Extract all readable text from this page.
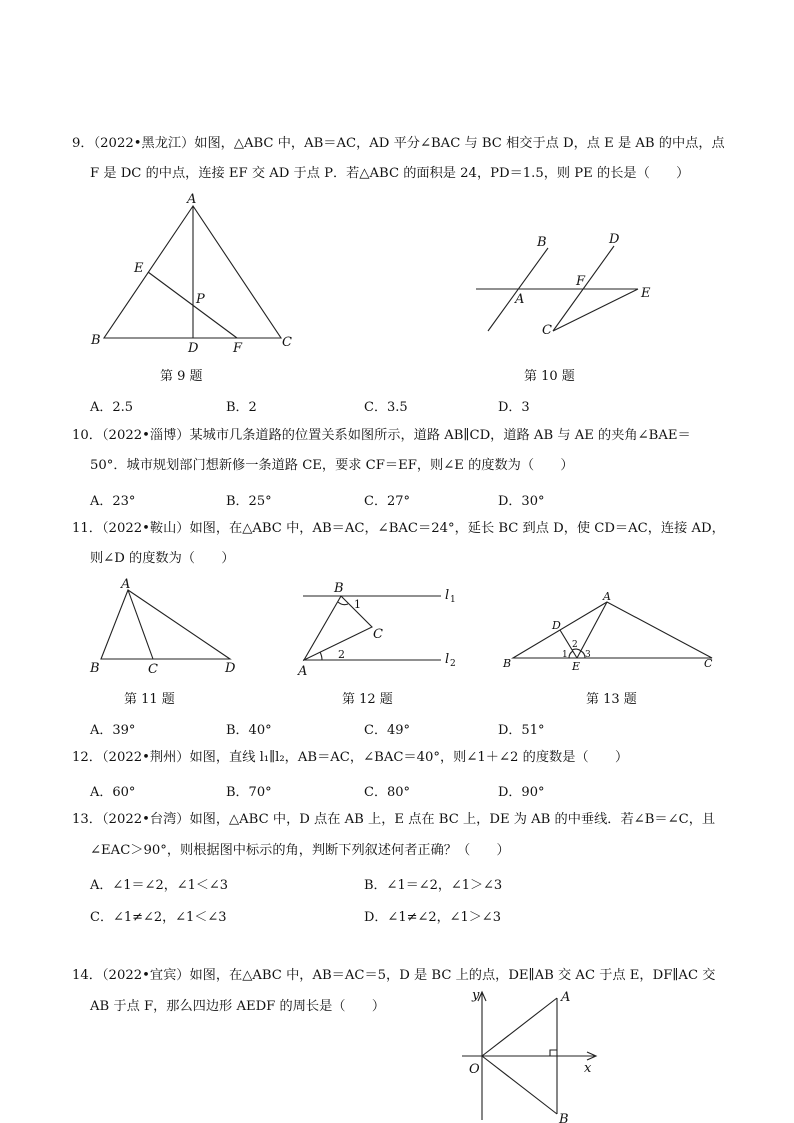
9．（2022•黑龙江）如图，△ABC 中，AB＝AC，AD 平分∠BAC 与 BC 相交于点 D，点 E 是 AB 的中点，点
F 是 DC 的中点，连接 EF 交 AD 于点 P．若△ABC 的面积是 24，PD＝1.5，则 PE 的长是（　　）
A
E
P
B
D	F	C
第 9 题
B	D
F
E
A
C
第 10 题
A．2.5	B．2	C．3.5	D．3
10．（2022•淄博）某城市几条道路的位置关系如图所示，道路 AB∥CD，道路 AB 与 AE 的夹角∠BAE＝
50°．城市规划部门想新修一条道路 CE，要求 CF＝EF，则∠E 的度数为（　　）
A．23°	B．25°	C．27°	D．30°
11．（2022•鞍山）如图，在△ABC 中，AB＝AC，∠BAC＝24°，延长 BC 到点 D，使 CD＝AC，连接 AD，
则∠D 的度数为（　　）
A
B	C	D
第 11 题
B
1
C
2
A
l 1
l 2
第 12 题
A
D
2
1 3
B	E	C
第 13 题
A．39°	B．40°	C．49°	D．51°
12．（2022•荆州）如图，直线 l₁∥l₂，AB＝AC，∠BAC＝40°，则∠1＋∠2 的度数是（　　）
A．60°	B．70°	C．80°	D．90°
13．（2022•台湾）如图，△ABC 中，D 点在 AB 上，E 点在 BC 上，DE 为 AB 的中垂线．若∠B＝∠C，且
∠EAC＞90°，则根据图中标示的角，判断下列叙述何者正确？（　　）
A．∠1＝∠2，∠1＜∠3	B．∠1＝∠2，∠1＞∠3
C．∠1≠∠2，∠1＜∠3	D．∠1≠∠2，∠1＞∠3
14．（2022•宜宾）如图，在△ABC 中，AB＝AC＝5，D 是 BC 上的点，DE∥AB 交 AC 于点 E，DF∥AC 交
AB 于点 F，那么四边形 AEDF 的周长是（　　）
y	A
O	x
B
